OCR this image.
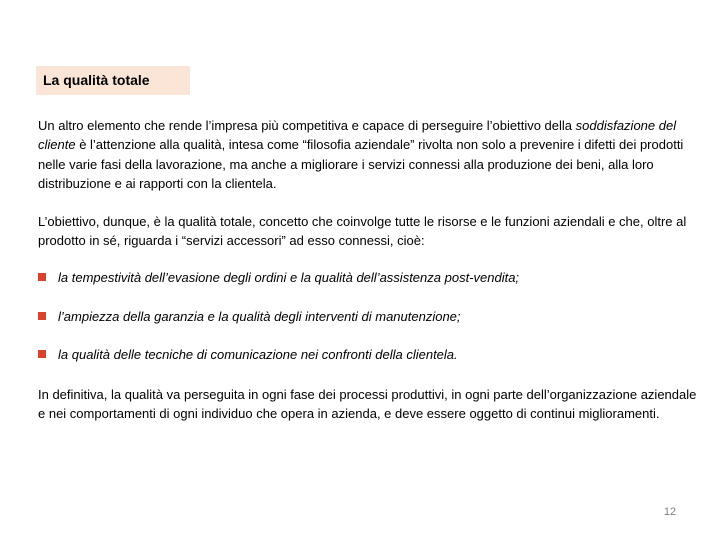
La qualità totale

Un altro elemento che rende l’impresa più competitiva e capace di perseguire l’obiettivo della soddisfazione del cliente è l’attenzione alla qualità, intesa come “filosofia aziendale” rivolta non solo a prevenire i difetti dei prodotti nelle varie fasi della lavorazione, ma anche a migliorare i servizi connessi alla produzione dei beni, alla loro distribuzione e ai rapporti con la clientela.

L’obiettivo, dunque, è la qualità totale, concetto che coinvolge tutte le risorse e le funzioni aziendali e che, oltre al prodotto in sé, riguarda i “servizi accessori” ad esso connessi, cioè:

la tempestività dell’evasione degli ordini e la qualità dell’assistenza post-vendita;
l’ampiezza della garanzia e la qualità degli interventi di manutenzione;
la qualità delle tecniche di comunicazione nei confronti della clientela.

In definitiva, la qualità va perseguita in ogni fase dei processi produttivi, in ogni parte dell’organizzazione aziendale e nei comportamenti di ogni individuo che opera in azienda, e deve essere oggetto di continui miglioramenti.

12
